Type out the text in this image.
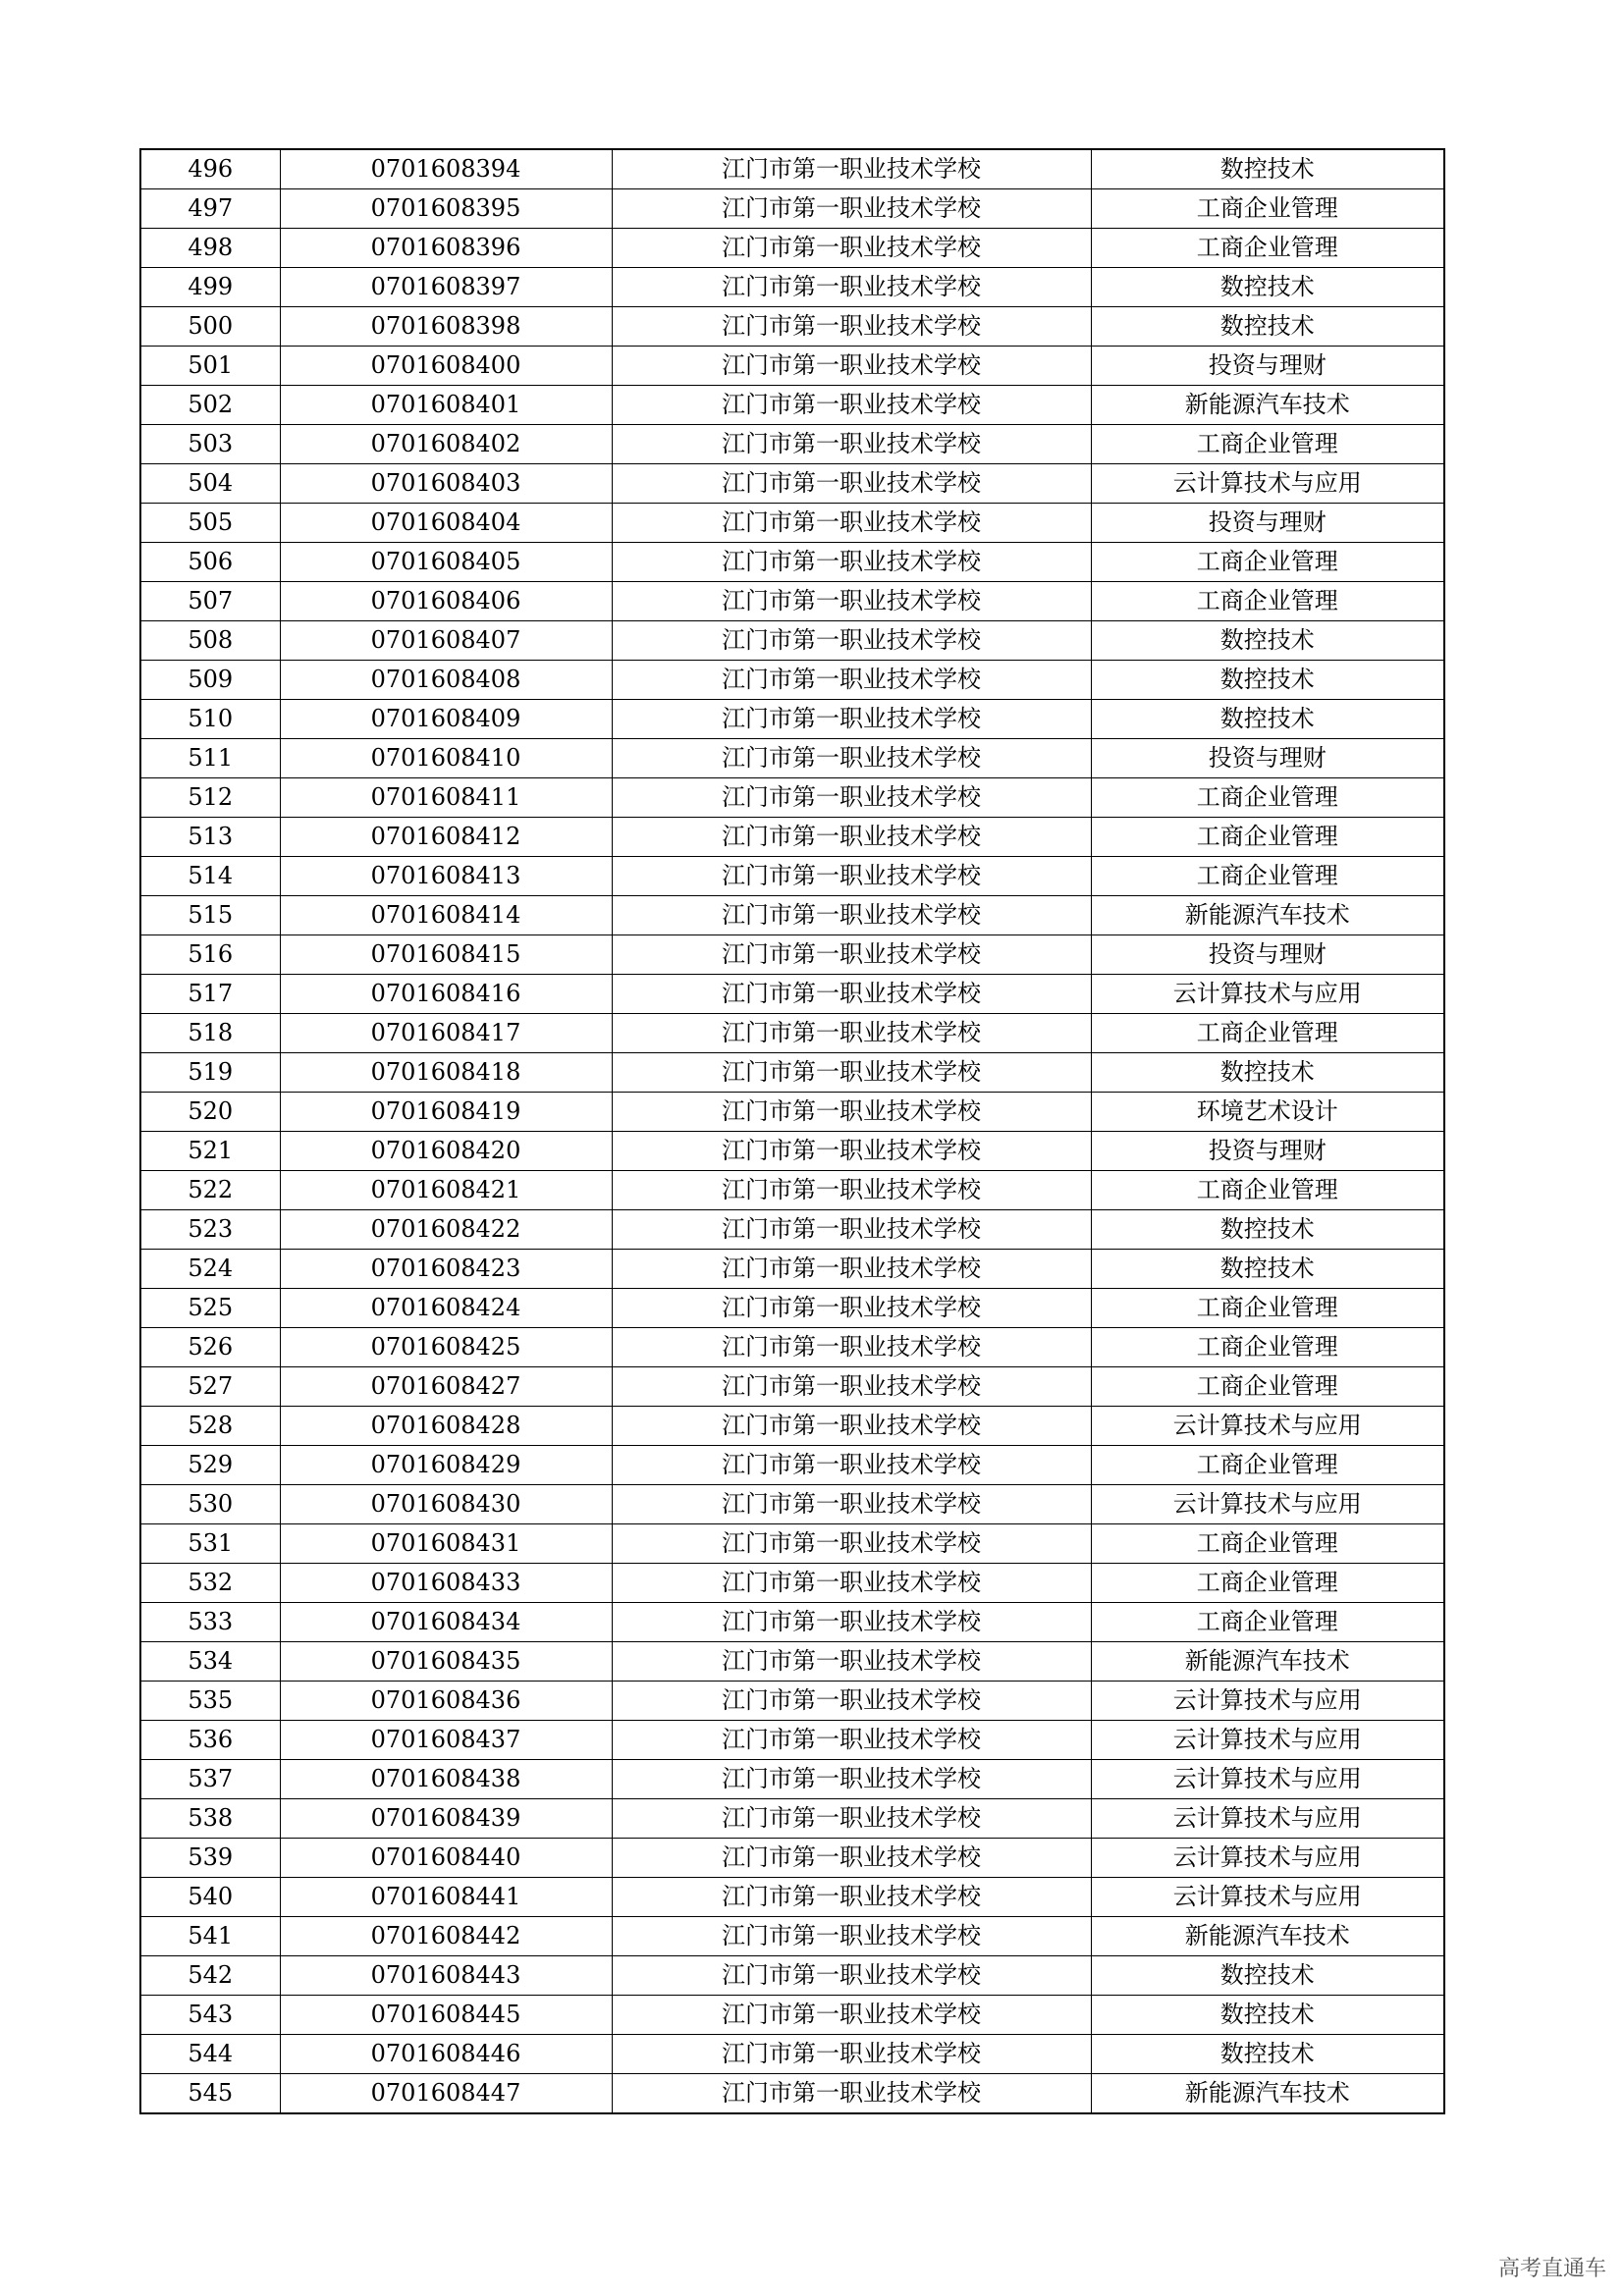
496	0701608394	江门市第一职业技术学校	数控技术
497	0701608395	江门市第一职业技术学校	工商企业管理
498	0701608396	江门市第一职业技术学校	工商企业管理
499	0701608397	江门市第一职业技术学校	数控技术
500	0701608398	江门市第一职业技术学校	数控技术
501	0701608400	江门市第一职业技术学校	投资与理财
502	0701608401	江门市第一职业技术学校	新能源汽车技术
503	0701608402	江门市第一职业技术学校	工商企业管理
504	0701608403	江门市第一职业技术学校	云计算技术与应用
505	0701608404	江门市第一职业技术学校	投资与理财
506	0701608405	江门市第一职业技术学校	工商企业管理
507	0701608406	江门市第一职业技术学校	工商企业管理
508	0701608407	江门市第一职业技术学校	数控技术
509	0701608408	江门市第一职业技术学校	数控技术
510	0701608409	江门市第一职业技术学校	数控技术
511	0701608410	江门市第一职业技术学校	投资与理财
512	0701608411	江门市第一职业技术学校	工商企业管理
513	0701608412	江门市第一职业技术学校	工商企业管理
514	0701608413	江门市第一职业技术学校	工商企业管理
515	0701608414	江门市第一职业技术学校	新能源汽车技术
516	0701608415	江门市第一职业技术学校	投资与理财
517	0701608416	江门市第一职业技术学校	云计算技术与应用
518	0701608417	江门市第一职业技术学校	工商企业管理
519	0701608418	江门市第一职业技术学校	数控技术
520	0701608419	江门市第一职业技术学校	环境艺术设计
521	0701608420	江门市第一职业技术学校	投资与理财
522	0701608421	江门市第一职业技术学校	工商企业管理
523	0701608422	江门市第一职业技术学校	数控技术
524	0701608423	江门市第一职业技术学校	数控技术
525	0701608424	江门市第一职业技术学校	工商企业管理
526	0701608425	江门市第一职业技术学校	工商企业管理
527	0701608427	江门市第一职业技术学校	工商企业管理
528	0701608428	江门市第一职业技术学校	云计算技术与应用
529	0701608429	江门市第一职业技术学校	工商企业管理
530	0701608430	江门市第一职业技术学校	云计算技术与应用
531	0701608431	江门市第一职业技术学校	工商企业管理
532	0701608433	江门市第一职业技术学校	工商企业管理
533	0701608434	江门市第一职业技术学校	工商企业管理
534	0701608435	江门市第一职业技术学校	新能源汽车技术
535	0701608436	江门市第一职业技术学校	云计算技术与应用
536	0701608437	江门市第一职业技术学校	云计算技术与应用
537	0701608438	江门市第一职业技术学校	云计算技术与应用
538	0701608439	江门市第一职业技术学校	云计算技术与应用
539	0701608440	江门市第一职业技术学校	云计算技术与应用
540	0701608441	江门市第一职业技术学校	云计算技术与应用
541	0701608442	江门市第一职业技术学校	新能源汽车技术
542	0701608443	江门市第一职业技术学校	数控技术
543	0701608445	江门市第一职业技术学校	数控技术
544	0701608446	江门市第一职业技术学校	数控技术
545	0701608447	江门市第一职业技术学校	新能源汽车技术
高考直通车
